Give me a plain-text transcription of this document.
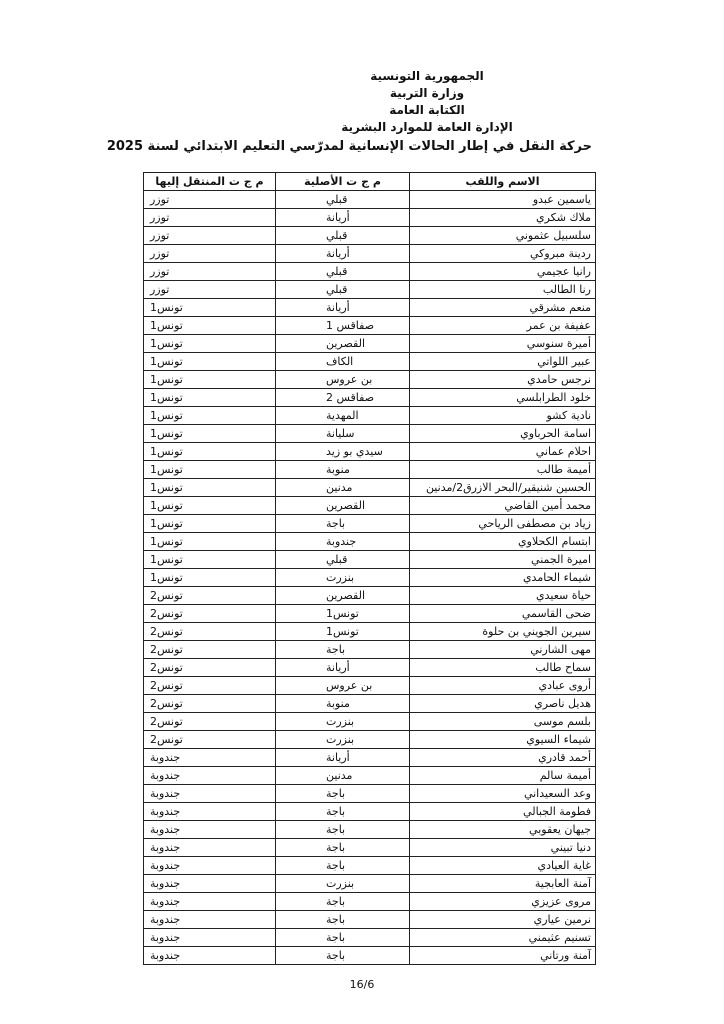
الجمهورية التونسية
وزارة التربية
الكتابة العامة
الإدارة العامة للموارد البشرية
حركة النقل في إطار الحالات الإنسانية لمدرّسي التعليم الابتدائي لسنة 2025
الاسم واللقب	م ج ت الأصلية	م ج ت المنتقل إليها
ياسمين عبدو	قبلي	توزر
ملاك شكري	أريانة	توزر
سلسبيل عثموني	قبلي	توزر
ردينة مبروكي	أريانة	توزر
رانيا عجيمي	قبلي	توزر
رنا الطالب	قبلي	توزر
منعم مشرقي	أريانة	تونس1
عفيفة بن عمر	صفاقس 1	تونس1
أميرة سنوسي	القصرين	تونس1
عبير اللواتي	الكاف	تونس1
نرجس حامدي	بن عروس	تونس1
خلود الطرابلسي	صفاقس 2	تونس1
نادية كشو	المهدية	تونس1
اسامة الحرباوي	سليانة	تونس1
احلام عماني	سيدي بو زيد	تونس1
أميمة طالب	منوبة	تونس1
الحسين شنيقير/البحر الازرق2/مدنين	مدنين	تونس1
محمد أمين القاضي	القصرين	تونس1
زياد بن مصطفى الرياحي	باجة	تونس1
ابتسام الكحلاوي	جندوبة	تونس1
اميرة الجمني	قبلي	تونس1
شيماء الحامدي	بنزرت	تونس1
حياة سعيدي	القصرين	تونس2
ضحى القاسمي	تونس1	تونس2
سيرين الجويني بن حلوة	تونس1	تونس2
مهى الشارني	باجة	تونس2
سماح طالب	أريانة	تونس2
أروى عبادي	بن عروس	تونس2
هديل ناصري	منوبة	تونس2
بلسم موسى	بنزرت	تونس2
شيماء السيوي	بنزرت	تونس2
أحمد قادري	أريانة	جندوبة
أميمة سالم	مدنين	جندوبة
وعد السعيداني	باجة	جندوبة
فطومة الجبالي	باجة	جندوبة
جيهان يعقوبي	باجة	جندوبة
دنيا تبيني	باجة	جندوبة
غاية العيادي	باجة	جندوبة
آمنة العابجية	بنزرت	جندوبة
مروى عزيزي	باجة	جندوبة
نرمين عياري	باجة	جندوبة
تسنيم عثيمني	باجة	جندوبة
آمنة ورتاني	باجة	جندوبة
16/6
